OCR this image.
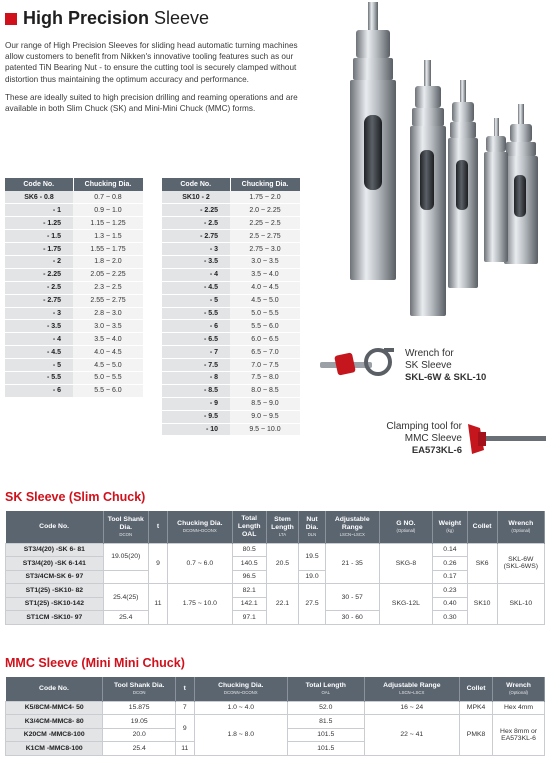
High Precision Sleeve

Our range of High Precision Sleeves for sliding head automatic turning machines allow customers to benefit from Nikken's innovative tooling features such as our patented TiN Bearing Nut - to ensure the cutting tool is securely clamped without distortion thus maintaining the optimum accuracy and performance.

These are ideally suited to high precision drilling and reaming operations and are available in both Slim Chuck (SK) and Mini-Mini Chuck (MMC) forms.

Code No.	Chucking Dia.
SK6 - 0.8	0.7 ~ 0.8
- 1	0.9 ~ 1.0
- 1.25	1.15 ~ 1.25
- 1.5	1.3 ~ 1.5
- 1.75	1.55 ~ 1.75
- 2	1.8 ~ 2.0
- 2.25	2.05 ~ 2.25
- 2.5	2.3 ~ 2.5
- 2.75	2.55 ~ 2.75
- 3	2.8 ~ 3.0
- 3.5	3.0 ~ 3.5
- 4	3.5 ~ 4.0
- 4.5	4.0 ~ 4.5
- 5	4.5 ~ 5.0
- 5.5	5.0 ~ 5.5
- 6	5.5 ~ 6.0
Code No.	Chucking Dia.
SK10 - 2	1.75 ~ 2.0
- 2.25	2.0 ~ 2.25
- 2.5	2.25 ~ 2.5
- 2.75	2.5 ~ 2.75
- 3	2.75 ~ 3.0
- 3.5	3.0 ~ 3.5
- 4	3.5 ~ 4.0
- 4.5	4.0 ~ 4.5
- 5	4.5 ~ 5.0
- 5.5	5.0 ~ 5.5
- 6	5.5 ~ 6.0
- 6.5	6.0 ~ 6.5
- 7	6.5 ~ 7.0
- 7.5	7.0 ~ 7.5
- 8	7.5 ~ 8.0
- 8.5	8.0 ~ 8.5
- 9	8.5 ~ 9.0
- 9.5	9.0 ~ 9.5
- 10	9.5 ~ 10.0
Wrench for
SK Sleeve
SKL-6W & SKL-10
Clamping tool for
MMC Sleeve
EA573KL-6
SK Sleeve (Slim Chuck)
Code No.	Tool Shank Dia.
DCON	t	Chucking Dia.
DCONN~DCONX	Total Length OAL	Stem Length
LTA	Nut Dia.
DLN	Adjustable Range
LSCN~LSCX	G NO.
(Optional)	Weight
(kg)	Collet	Wrench
(Optional)

ST3/4(20) -SK 6- 81	19.05(20)	9	0.7 ~ 6.0	80.5	20.5	19.5	21 - 35	SKG-8	0.14	SK6	SKL-6W (SKL-6WS)
ST3/4(20) -SK 6-141				140.5					0.26		
ST3/4CM-SK 6- 97				96.5		19.0			0.17		
ST1(25) -SK10- 82	25.4(25)	11	1.75 ~ 10.0	82.1	22.1	27.5	30 - 57	SKG-12L	0.23	SK10	SKL-10
ST1(25) -SK10-142				142.1					0.40		
ST1CM -SK10- 97	25.4			97.1			30 - 60		0.30		
MMC Sleeve (Mini Mini Chuck)
Code No.	Tool Shank Dia.
DCON	t	Chucking Dia.
DCONN~DCONX	Total Length
OAL	Adjustable Range
LSCN~LSCX	Collet	Wrench
(Optional)

K5/8CM-MMC4- 50	15.875	7	1.0 ~ 4.0	52.0	16 ~ 24	MPK4	Hex 4mm
K3/4CM-MMC8- 80	19.05	9	1.8 ~ 8.0	81.5	22 ~ 41	PMK8	Hex 8mm or EA573KL-6
K20CM -MMC8-100	20.0			101.5			
K1CM -MMC8-100	25.4	11		101.5			
